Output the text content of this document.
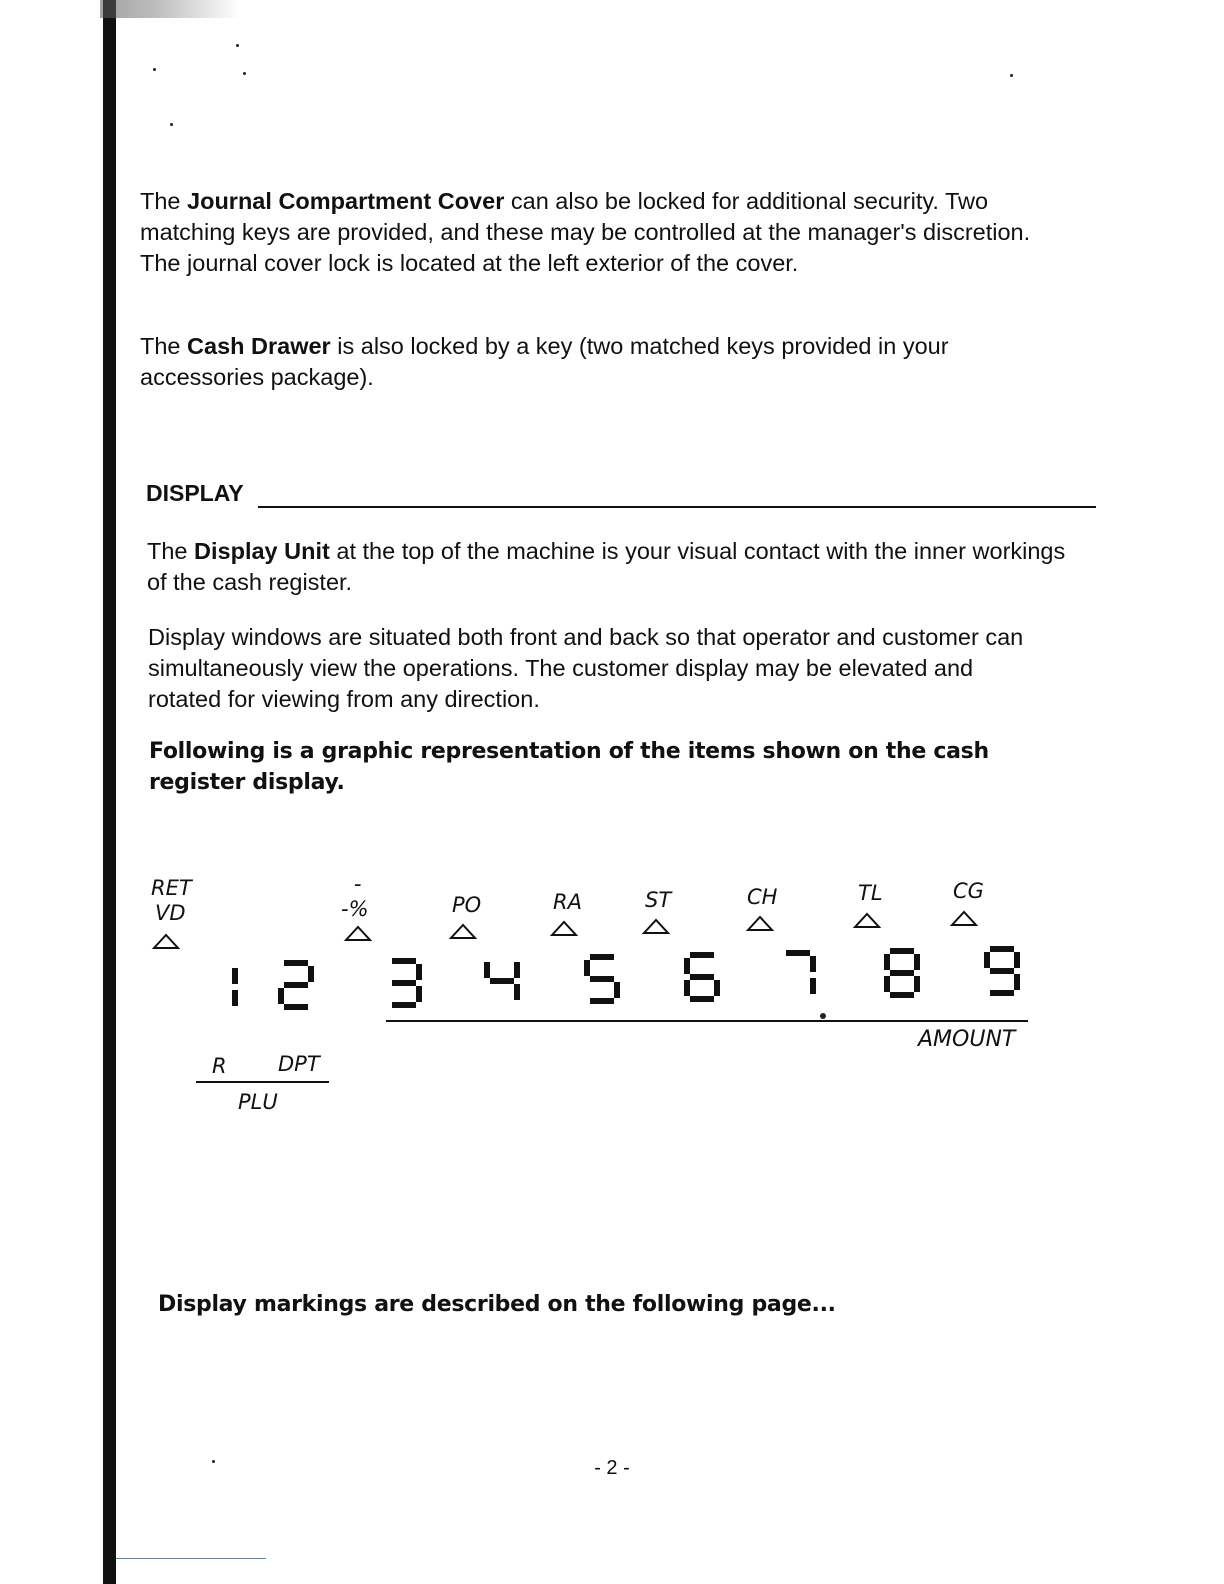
The Journal Compartment Cover can also be locked for additional security. Two matching keys are provided, and these may be controlled at the manager's discretion. The journal cover lock is located at the left exterior of the cover.

The Cash Drawer is also locked by a key (two matched keys provided in your accessories package).

DISPLAY

The Display Unit at the top of the machine is your visual contact with the inner workings of the cash register.

Display windows are situated both front and back so that operator and customer can simultaneously view the operations. The customer display may be elevated and rotated for viewing from any direction.

Following is a graphic representation of the items shown on the cash register display.

RET
VD
-
-%	PO	RA	ST	CH	TL	CG
AMOUNT
R DPT
PLU

Display markings are described on the following page...

- 2 -
